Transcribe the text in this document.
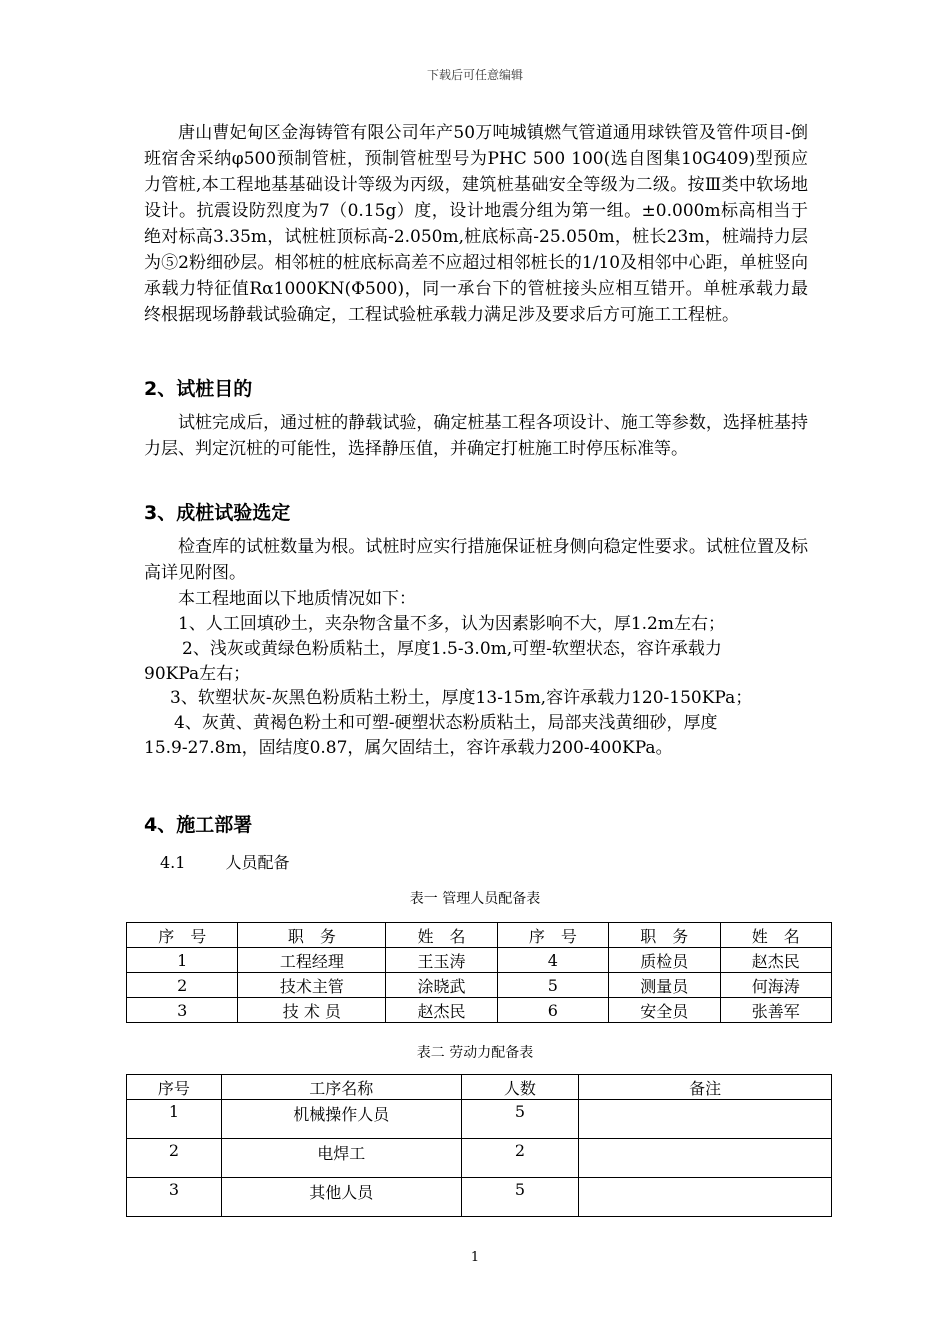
下载后可任意编辑

唐山曹妃甸区金海铸管有限公司年产50万吨城镇燃气管道通用球铁管及管件项目-倒班宿舍采纳φ500预制管桩，预制管桩型号为PHC 500 100(选自图集10G409)型预应力管桩,本工程地基基础设计等级为丙级，建筑桩基础安全等级为二级。按Ⅲ类中软场地设计。抗震设防烈度为7（0.15g）度，设计地震分组为第一组。±0.000m标高相当于绝对标高3.35m，试桩桩顶标高-2.050m,桩底标高-25.050m，桩长23m，桩端持力层为⑤2粉细砂层。相邻桩的桩底标高差不应超过相邻桩长的1/10及相邻中心距，单桩竖向承载力特征值Rα1000KN(Φ500)，同一承台下的管桩接头应相互错开。单桩承载力最终根据现场静载试验确定，工程试验桩承载力满足涉及要求后方可施工工程桩。

2、试桩目的

试桩完成后，通过桩的静载试验，确定桩基工程各项设计、施工等参数，选择桩基持力层、判定沉桩的可能性，选择静压值，并确定打桩施工时停压标准等。

3、成桩试验选定

检查库的试桩数量为根。试桩时应实行措施保证桩身侧向稳定性要求。试桩位置及标高详见附图。

本工程地面以下地质情况如下：
1、人工回填砂土，夹杂物含量不多，认为因素影响不大，厚1.2m左右；
2、浅灰或黄绿色粉质粘土，厚度1.5-3.0m,可塑-软塑状态，容许承载力
90KPa左右；
3、软塑状灰-灰黑色粉质粘土粉土，厚度13-15m,容许承载力120-150KPa；
4、灰黄、黄褐色粉土和可塑-硬塑状态粉质粘土，局部夹浅黄细砂，厚度
15.9-27.8m，固结度0.87，属欠固结土，容许承载力200-400KPa。
4、施工部署
4.1	人员配备
表一 管理人员配备表
序　号	职　务	姓　名	序　号	职　务	姓　名
1	工程经理	王玉涛	4	质检员	赵杰民
2	技术主管	涂晓武	5	测量员	何海涛
3	技 术 员	赵杰民	6	安全员	张善军
表二 劳动力配备表
序号	工序名称	人数	备注
1	机械操作人员	5	
2	电焊工	2	
3	其他人员	5	
1
